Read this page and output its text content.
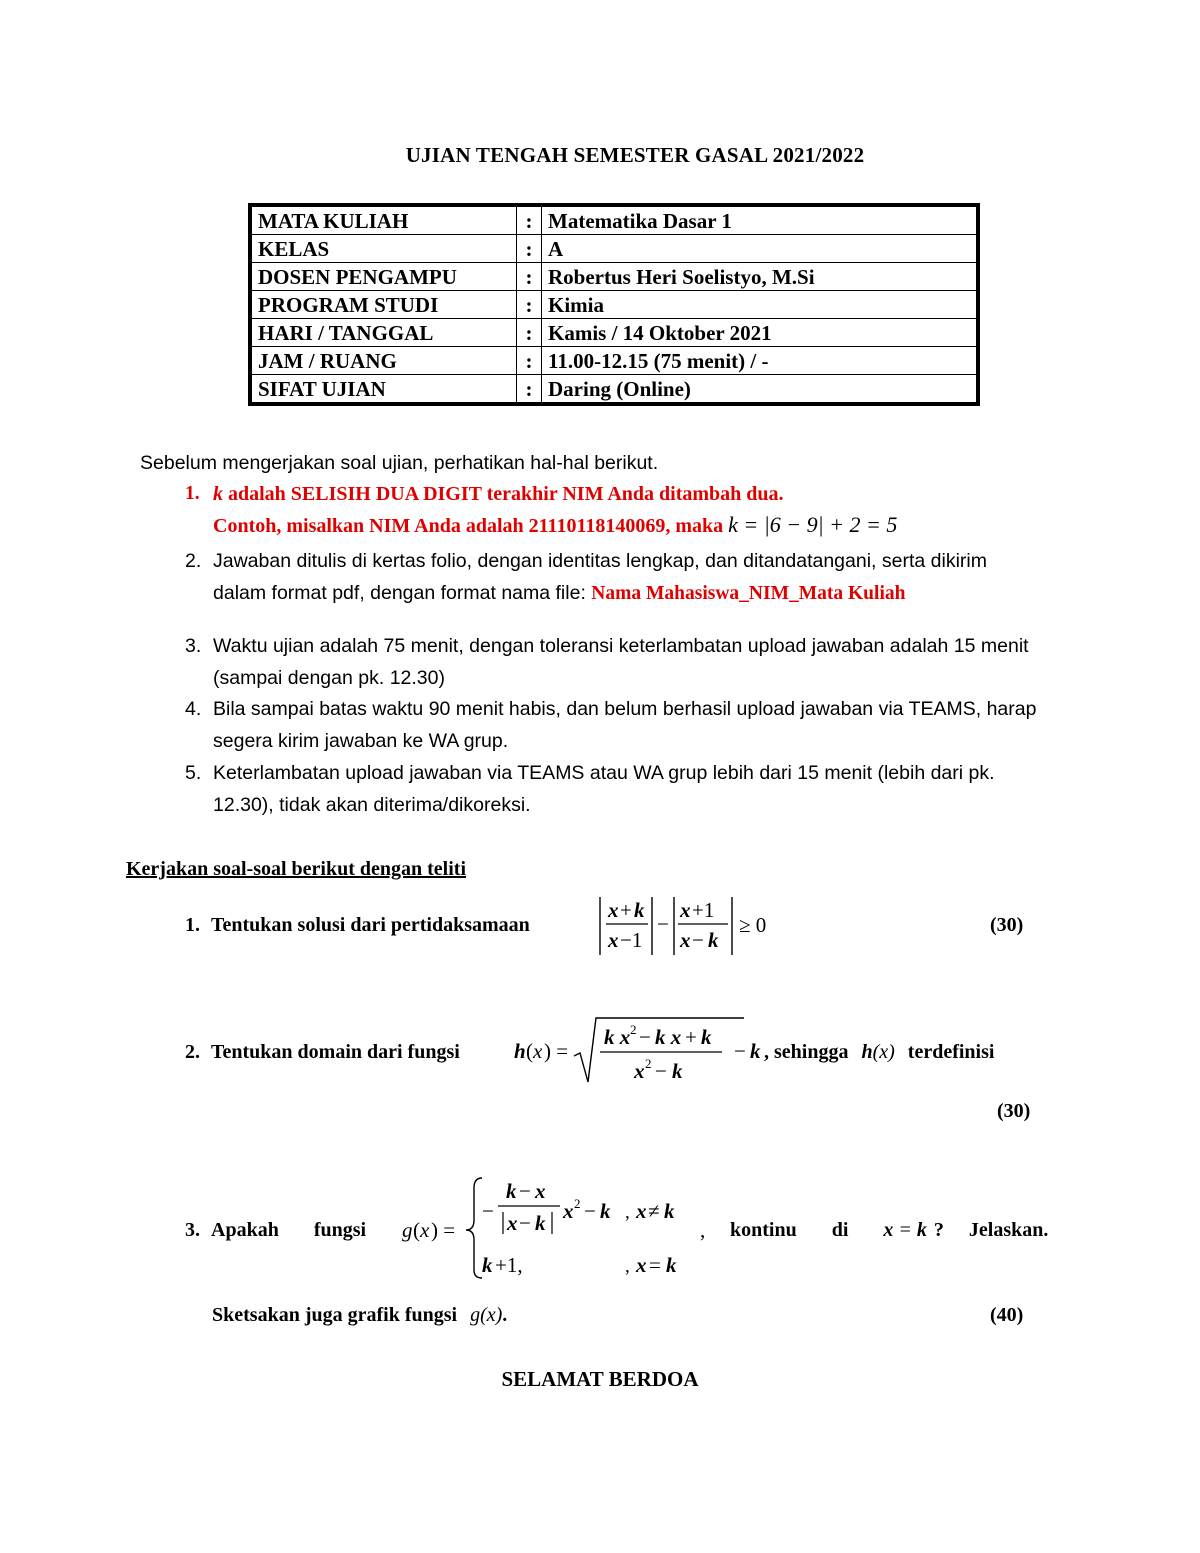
UJIAN TENGAH SEMESTER GASAL 2021/2022
MATA KULIAH	:	Matematika Dasar 1
KELAS	:	A
DOSEN PENGAMPU	:	Robertus Heri Soelistyo, M.Si
PROGRAM STUDI	:	Kimia
HARI / TANGGAL	:	Kamis / 14 Oktober 2021
JAM / RUANG	:	11.00-12.15 (75 menit) / -
SIFAT UJIAN	:	Daring (Online)
Sebelum mengerjakan soal ujian, perhatikan hal-hal berikut.
1. k adalah SELISIH DUA DIGIT terakhir NIM Anda ditambah dua.
Contoh, misalkan NIM Anda adalah 21110118140069, maka k = |6 − 9| + 2 = 5
2. Jawaban ditulis di kertas folio, dengan identitas lengkap, dan ditandatangani, serta dikirim dalam format pdf, dengan format nama file: Nama Mahasiswa_NIM_Mata Kuliah
3. Waktu ujian adalah 75 menit, dengan toleransi keterlambatan upload jawaban adalah 15 menit (sampai dengan pk. 12.30)
4. Bila sampai batas waktu 90 menit habis, dan belum berhasil upload jawaban via TEAMS, harap segera kirim jawaban ke WA grup.
5. Keterlambatan upload jawaban via TEAMS atau WA grup lebih dari 15 menit (lebih dari pk. 12.30), tidak akan diterima/dikoreksi.
Kerjakan soal-soal berikut dengan teliti
1. Tentukan solusi dari pertidaksamaan
x + k
x −1
−
x +1
x − k
≥ 0	(30)
2. Tentukan domain dari fungsi	h ( x ) =
k x 2 − k x + k
x 2 − k
− k , sehingga h(x) terdefinisi
(30)
3. Apakah fungsi g ( x ) =
−
k − x
x − k x 2 − k , x ≠ k
k +1,	, x = k
, kontinu di x = k ? Jelaskan.
Sketsakan juga grafik fungsi g(x).	(40)
SELAMAT BERDOA
